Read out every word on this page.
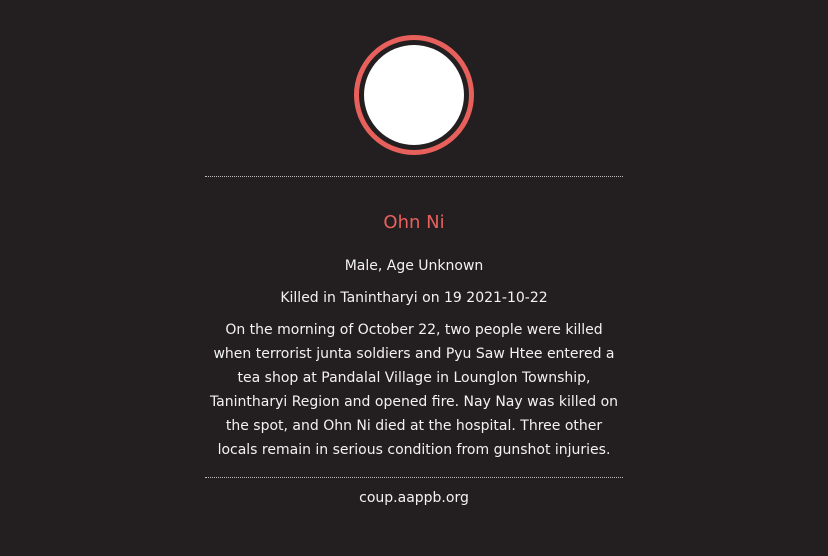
Ohn Ni
Male, Age Unknown
Killed in Tanintharyi on 19 2021-10-22
On the morning of October 22, two people were killed when terrorist junta soldiers and Pyu Saw Htee entered a tea shop at Pandalal Village in Lounglon Township, Tanintharyi Region and opened fire. Nay Nay was killed on the spot, and Ohn Ni died at the hospital. Three other locals remain in serious condition from gunshot injuries.
coup.aappb.org
